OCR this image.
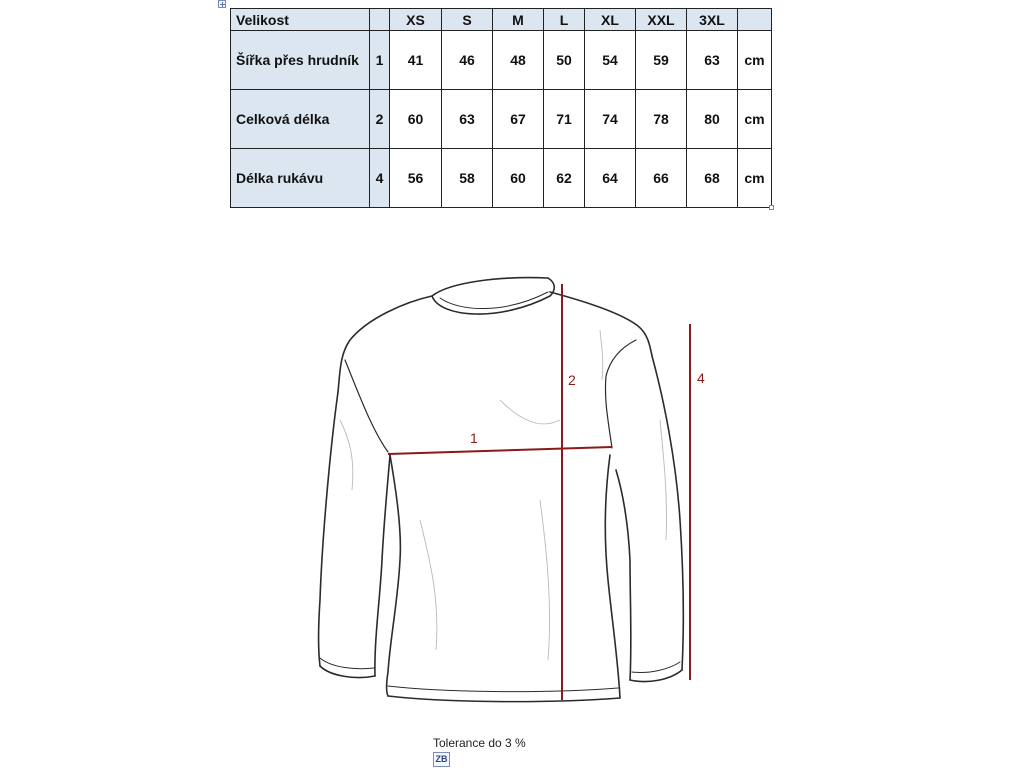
Velikost		XS	S	M	L	XL	XXL	3XL	
Šířka přes hrudník	1	41	46	48	50	54	59	63	cm
Celková délka	2	60	63	67	71	74	78	80	cm
Délka rukávu	4	56	58	60	62	64	66	68	cm
1
2	4
Tolerance do 3 %
ZB
